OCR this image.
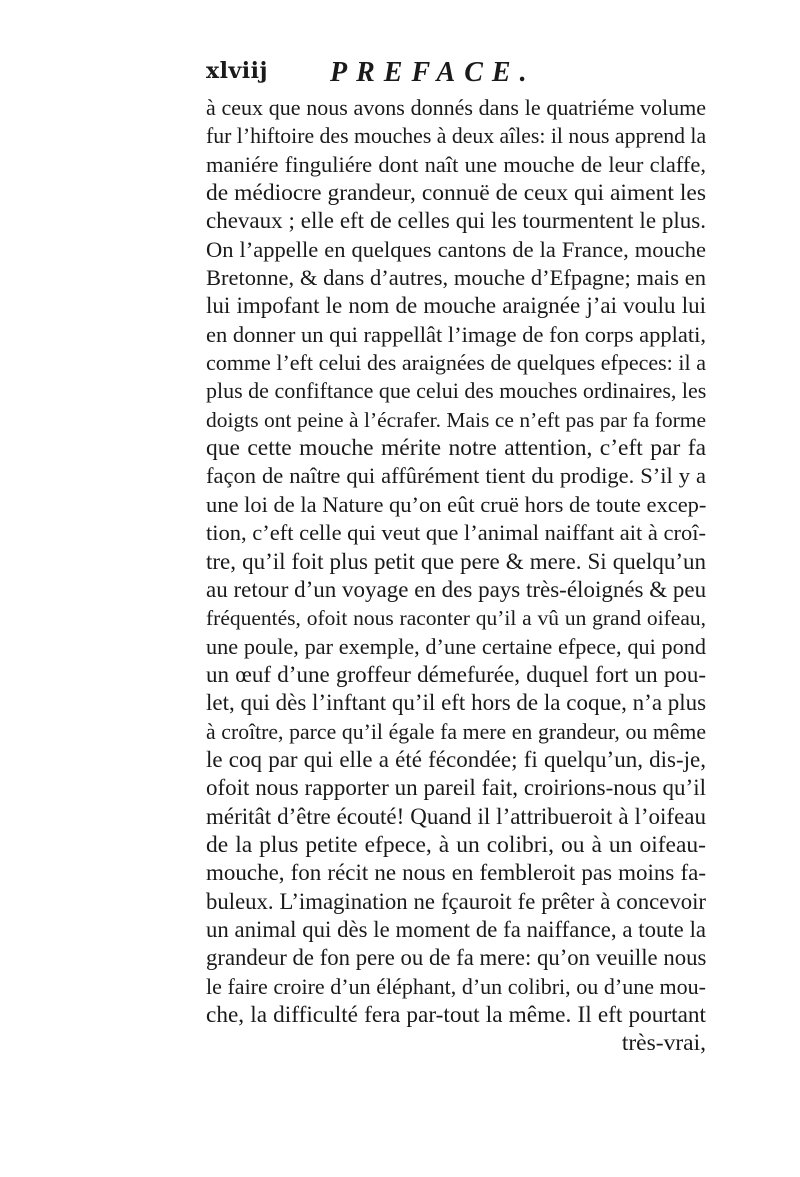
xlviij PREFACE.
à ceux que nous avons donnés dans le quatriéme volume
fur l’hiftoire des mouches à deux aîles: il nous apprend la
maniére finguliére dont naît une mouche de leur claffe,
de médiocre grandeur, connuë de ceux qui aiment les
chevaux ; elle eft de celles qui les tourmentent le plus.
On l’appelle en quelques cantons de la France, mouche
Bretonne, & dans d’autres, mouche d’Efpagne; mais en
lui impofant le nom de mouche araignée j’ai voulu lui
en donner un qui rappellât l’image de fon corps applati,
comme l’eft celui des araignées de quelques efpeces: il a
plus de confiftance que celui des mouches ordinaires, les
doigts ont peine à l’écrafer. Mais ce n’eft pas par fa forme
que cette mouche mérite notre attention, c’eft par fa
façon de naître qui affûrément tient du prodige. S’il y a
une loi de la Nature qu’on eût cruë hors de toute excep-
tion, c’eft celle qui veut que l’animal naiffant ait à croî-
tre, qu’il foit plus petit que pere & mere. Si quelqu’un
au retour d’un voyage en des pays très-éloignés & peu
fréquentés, ofoit nous raconter qu’il a vû un grand oifeau,
une poule, par exemple, d’une certaine efpece, qui pond
un œuf d’une groffeur démefurée, duquel fort un pou-
let, qui dès l’inftant qu’il eft hors de la coque, n’a plus
à croître, parce qu’il égale fa mere en grandeur, ou même
le coq par qui elle a été fécondée; fi quelqu’un, dis-je,
ofoit nous rapporter un pareil fait, croirions-nous qu’il
méritât d’être écouté! Quand il l’attribueroit à l’oifeau
de la plus petite efpece, à un colibri, ou à un oifeau-
mouche, fon récit ne nous en fembleroit pas moins fa-
buleux. L’imagination ne fçauroit fe prêter à concevoir
un animal qui dès le moment de fa naiffance, a toute la
grandeur de fon pere ou de fa mere: qu’on veuille nous
le faire croire d’un éléphant, d’un colibri, ou d’une mou-
che, la difficulté fera par-tout la même. Il eft pourtant
très-vrai,
